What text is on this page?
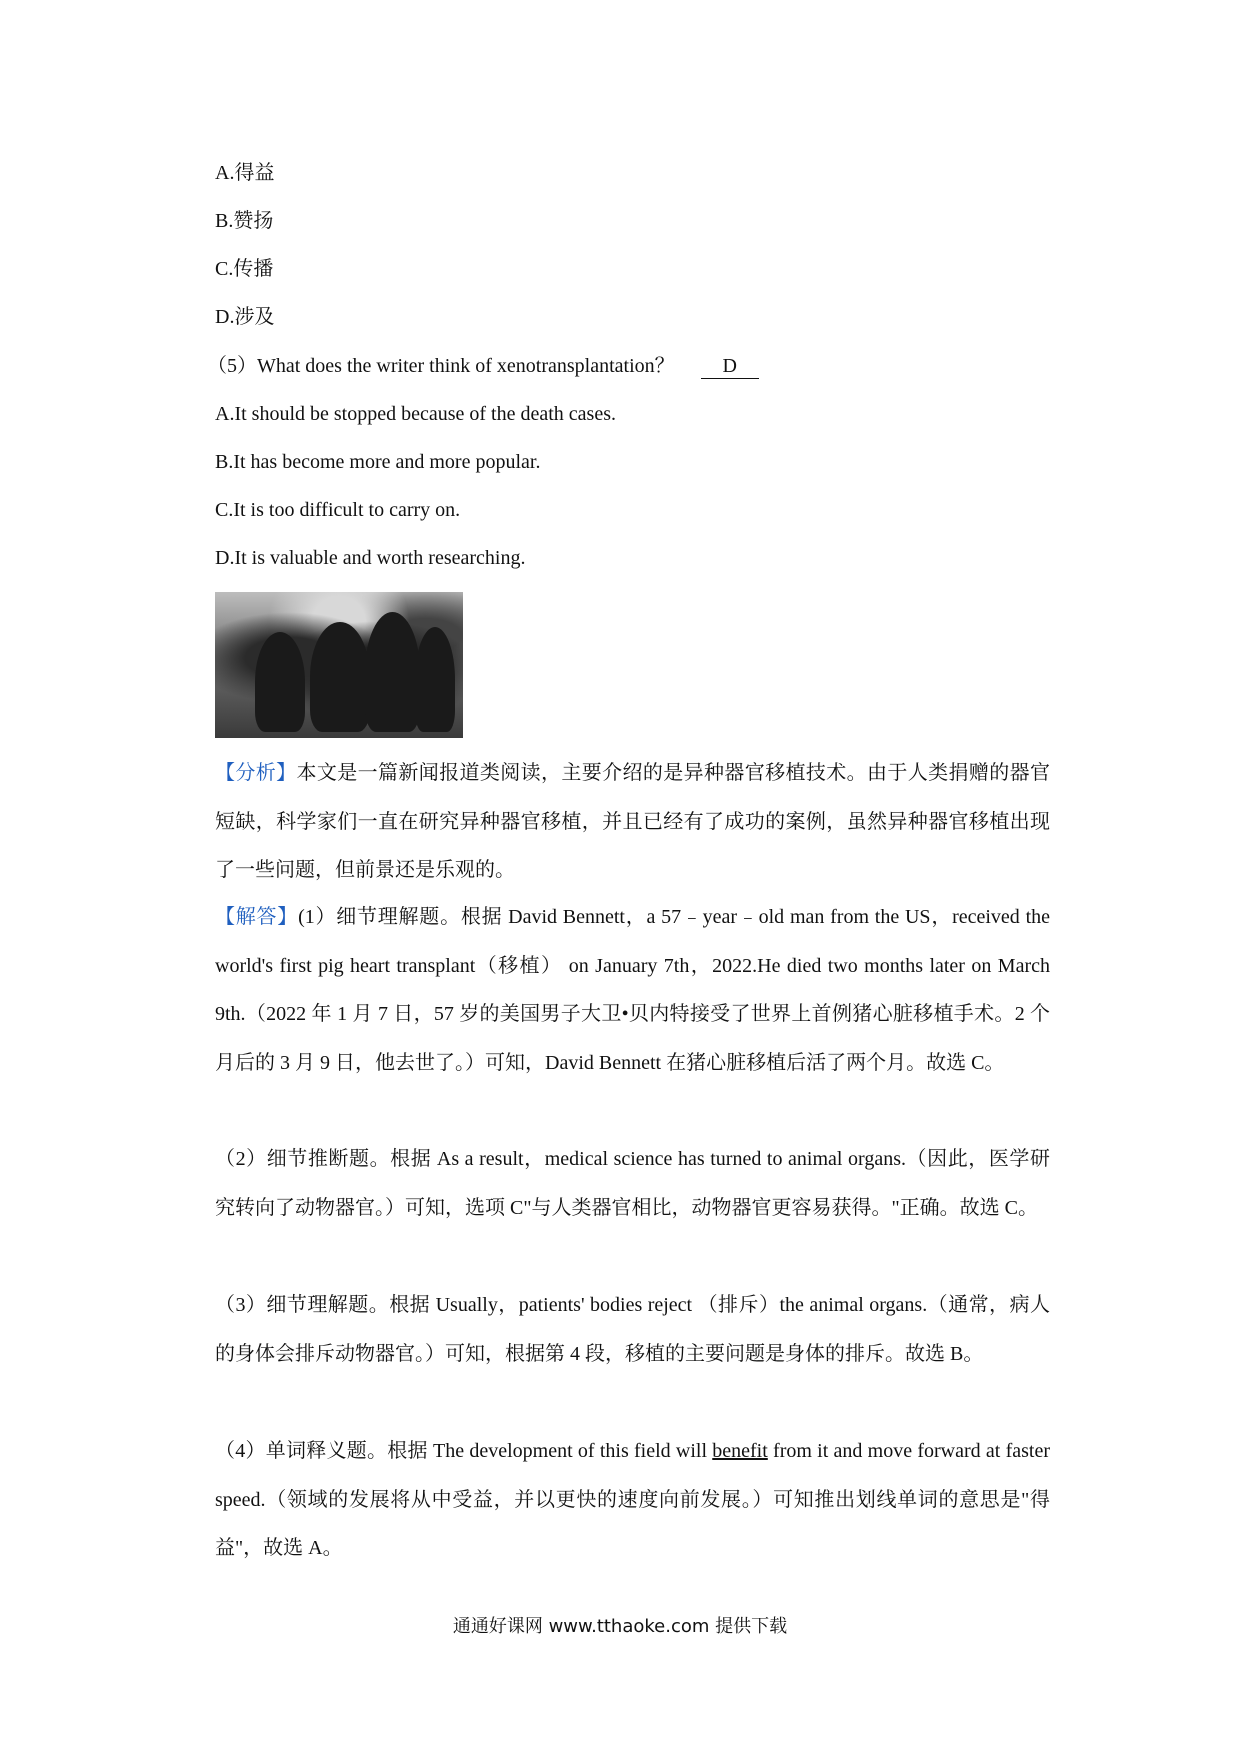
A.得益
B.赞扬
C.传播
D.涉及
（5）What does the writer think of xenotransplantation？ D
A.It should be stopped because of the death cases.
B.It has become more and more popular.
C.It is too difficult to carry on.
D.It is valuable and worth researching.
【分析】本文是一篇新闻报道类阅读，主要介绍的是异种器官移植技术。由于人类捐赠的器官短缺，科学家们一直在研究异种器官移植，并且已经有了成功的案例，虽然异种器官移植出现了一些问题，但前景还是乐观的。
【解答】(1）细节理解题。根据 David Bennett，a 57﹣year﹣old man from the US，received the world's first pig heart transplant（移植） on January 7th，2022.He died two months later on March 9th.（2022 年 1 月 7 日，57 岁的美国男子大卫•贝内特接受了世界上首例猪心脏移植手术。2 个月后的 3 月 9 日，他去世了。）可知，David Bennett 在猪心脏移植后活了两个月。故选 C。
（2）细节推断题。根据 As a result，medical science has turned to animal organs.（因此，医学研究转向了动物器官。）可知，选项 C"与人类器官相比，动物器官更容易获得。"正确。故选 C。
（3）细节理解题。根据 Usually，patients' bodies reject （排斥）the animal organs.（通常，病人的身体会排斥动物器官。）可知，根据第 4 段，移植的主要问题是身体的排斥。故选 B。
（4）单词释义题。根据 The development of this field will benefit from it and move forward at faster speed.（领域的发展将从中受益，并以更快的速度向前发展。）可知推出划线单词的意思是"得益"，故选 A。
通通好课网 www.tthaoke.com 提供下载
